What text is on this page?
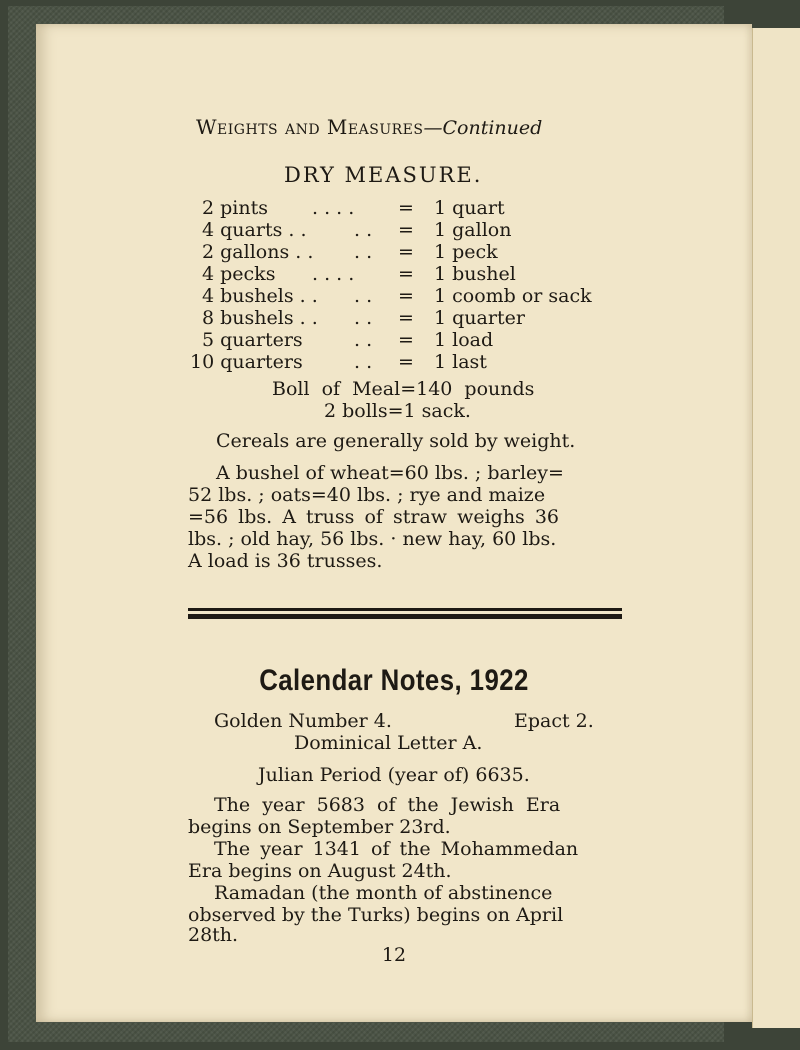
Weights and Measures—Continued
DRY MEASURE.
2 pints . . . . = 1 quart
4 quarts . .	. . = 1 gallon
2 gallons . . . . = 1 peck
4 pecks . . . . = 1 bushel
4 bushels . . . . = 1 coomb or sack
8 bushels . . . . = 1 quarter
5 quarters	. . = 1 load
10 quarters	. . = 1 last
Boll of Meal=140 pounds
2 bolls=1 sack.
Cereals are generally sold by weight.
A bushel of wheat=60 lbs. ; barley=
52 lbs. ; oats=40 lbs. ; rye and maize
=56 lbs. A truss of straw weighs 36
lbs. ; old hay, 56 lbs. · new hay, 60 lbs.
A load is 36 trusses.
Calendar Notes, 1922
Golden Number 4.	Epact 2.
Dominical Letter A.
Julian Period (year of) 6635.
The year 5683 of the Jewish Era
begins on September 23rd.
The year 1341 of the Mohammedan
Era begins on August 24th.
Ramadan (the month of abstinence
observed by the Turks) begins on April
28th.
12
